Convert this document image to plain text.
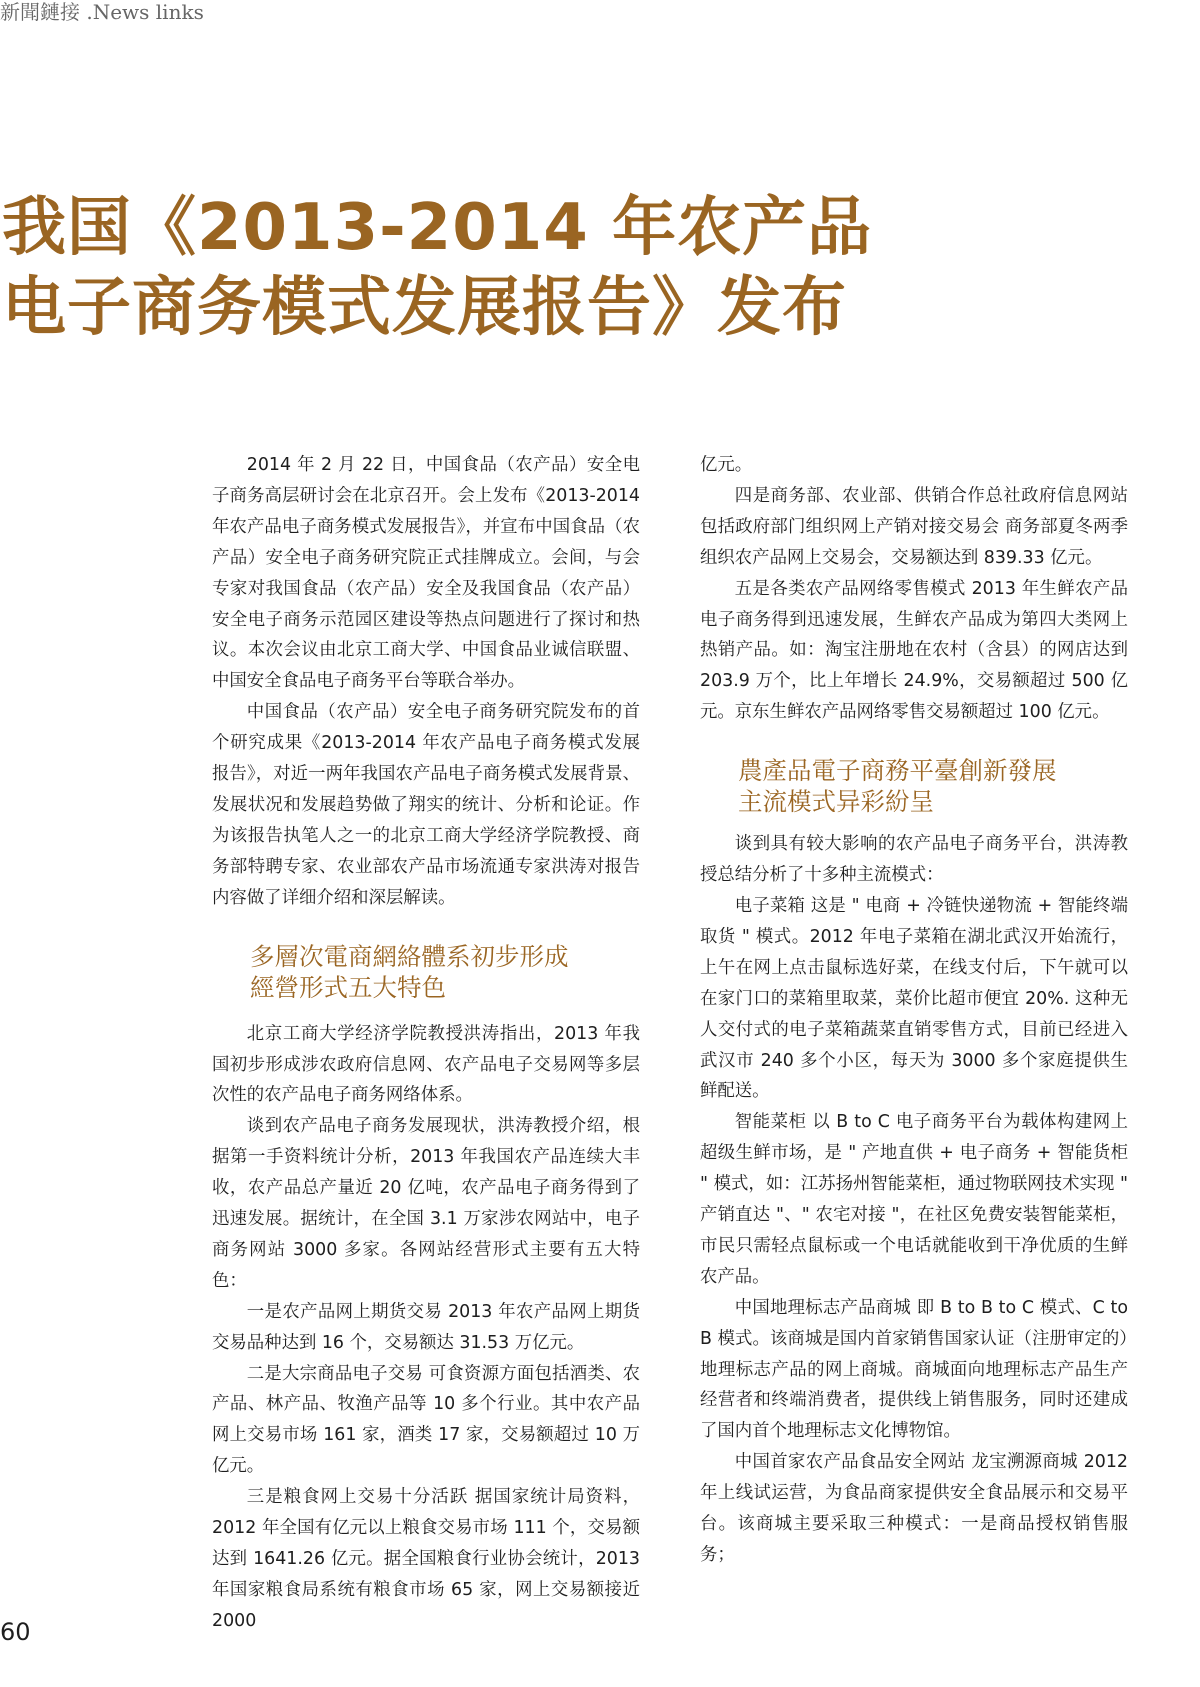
新聞鏈接 .News links
我国《2013-2014 年农产品
电子商务模式发展报告》发布

2014 年 2 月 22 日，中国食品（农产品）安全电子商务高层研讨会在北京召开。会上发布《2013-2014 年农产品电子商务模式发展报告》，并宣布中国食品（农产品）安全电子商务研究院正式挂牌成立。会间，与会专家对我国食品（农产品）安全及我国食品（农产品）安全电子商务示范园区建设等热点问题进行了探讨和热议。本次会议由北京工商大学、中国食品业诚信联盟、中国安全食品电子商务平台等联合举办。

中国食品（农产品）安全电子商务研究院发布的首个研究成果《2013-2014 年农产品电子商务模式发展报告》，对近一两年我国农产品电子商务模式发展背景、发展状况和发展趋势做了翔实的统计、分析和论证。作为该报告执笔人之一的北京工商大学经济学院教授、商务部特聘专家、农业部农产品市场流通专家洪涛对报告内容做了详细介绍和深层解读。

多層次電商網絡體系初步形成
經營形式五大特色

北京工商大学经济学院教授洪涛指出，2013 年我国初步形成涉农政府信息网、农产品电子交易网等多层次性的农产品电子商务网络体系。

谈到农产品电子商务发展现状，洪涛教授介绍，根据第一手资料统计分析，2013 年我国农产品连续大丰收，农产品总产量近 20 亿吨，农产品电子商务得到了迅速发展。据统计，在全国 3.1 万家涉农网站中，电子商务网站 3000 多家。各网站经营形式主要有五大特色：

一是农产品网上期货交易 2013 年农产品网上期货交易品种达到 16 个，交易额达 31.53 万亿元。

二是大宗商品电子交易 可食资源方面包括酒类、农产品、林产品、牧渔产品等 10 多个行业。其中农产品网上交易市场 161 家，酒类 17 家，交易额超过 10 万亿元。

三是粮食网上交易十分活跃 据国家统计局资料，2012 年全国有亿元以上粮食交易市场 111 个，交易额达到 1641.26 亿元。据全国粮食行业协会统计，2013 年国家粮食局系统有粮食市场 65 家，网上交易额接近 2000

亿元。

四是商务部、农业部、供销合作总社政府信息网站包括政府部门组织网上产销对接交易会 商务部夏冬两季组织农产品网上交易会，交易额达到 839.33 亿元。

五是各类农产品网络零售模式 2013 年生鲜农产品电子商务得到迅速发展，生鲜农产品成为第四大类网上热销产品。如：淘宝注册地在农村（含县）的网店达到 203.9 万个，比上年增长 24.9%，交易额超过 500 亿元。京东生鲜农产品网络零售交易额超过 100 亿元。

農產品電子商務平臺創新發展
主流模式异彩紛呈

谈到具有较大影响的农产品电子商务平台，洪涛教授总结分析了十多种主流模式：

电子菜箱 这是 " 电商 + 冷链快递物流 + 智能终端取货 " 模式。2012 年电子菜箱在湖北武汉开始流行，上午在网上点击鼠标选好菜，在线支付后，下午就可以在家门口的菜箱里取菜，菜价比超市便宜 20%. 这种无人交付式的电子菜箱蔬菜直销零售方式，目前已经进入武汉市 240 多个小区，每天为 3000 多个家庭提供生鲜配送。

智能菜柜 以 B to C 电子商务平台为载体构建网上超级生鲜市场，是 " 产地直供 + 电子商务 + 智能货柜 " 模式，如：江苏扬州智能菜柜，通过物联网技术实现 " 产销直达 "、" 农宅对接 "，在社区免费安装智能菜柜，市民只需轻点鼠标或一个电话就能收到干净优质的生鲜农产品。

中国地理标志产品商城 即 B to B to C 模式、C to B 模式。该商城是国内首家销售国家认证（注册审定的）地理标志产品的网上商城。商城面向地理标志产品生产经营者和终端消费者，提供线上销售服务，同时还建成了国内首个地理标志文化博物馆。

中国首家农产品食品安全网站 龙宝溯源商城 2012 年上线试运营，为食品商家提供安全食品展示和交易平台。该商城主要采取三种模式：一是商品授权销售服务；

60
